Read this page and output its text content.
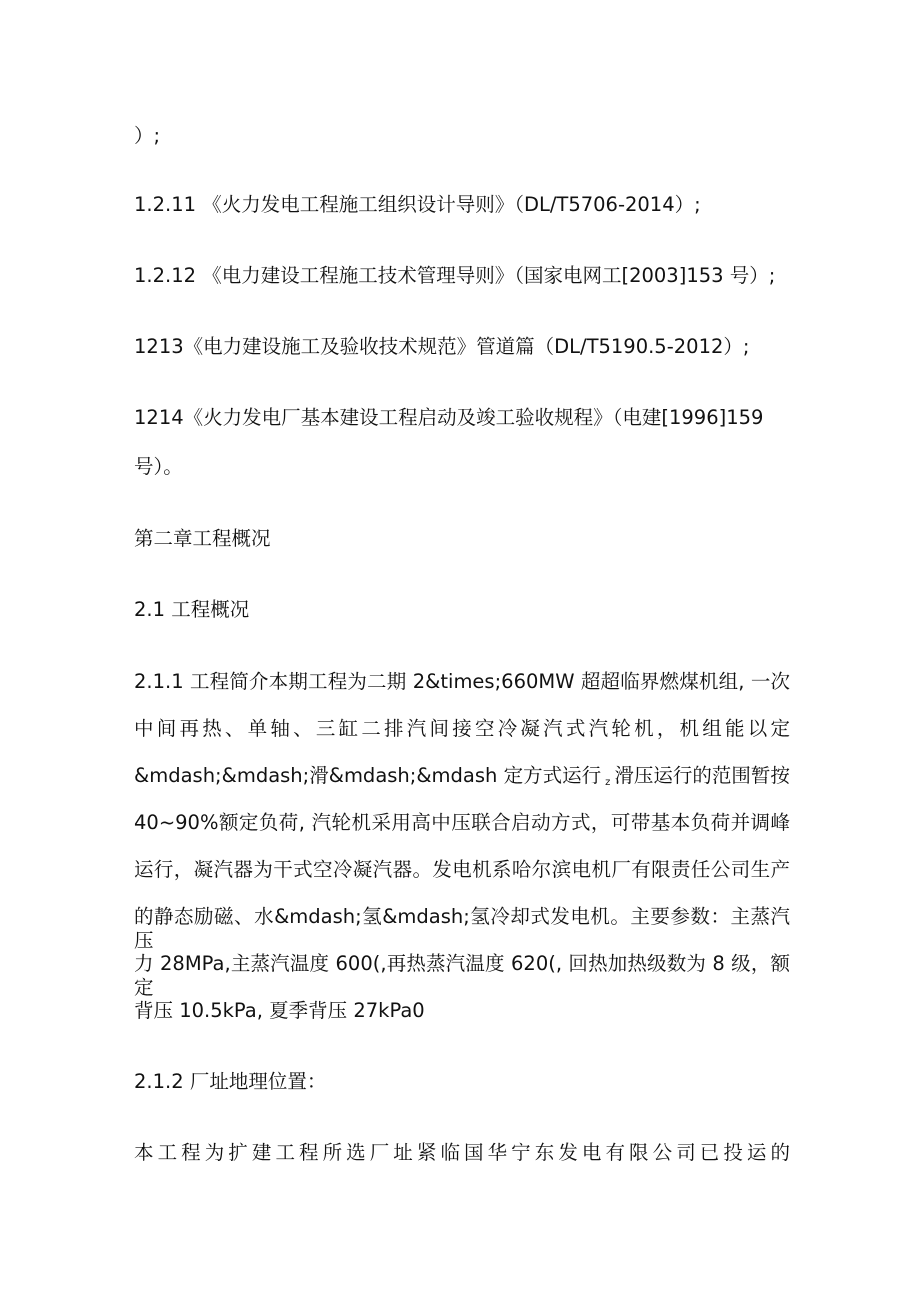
）;
1.2.11 《火力发电工程施工组织设计导则》（DL/T5706-2014）;
1.2.12 《电力建设工程施工技术管理导则》（国家电网工[2003]153 号）;
1213《电力建设施工及验收技术规范》管道篇（DL/T5190.5-2012）;
1214《火力发电厂基本建设工程启动及竣工验收规程》（电建[1996]159
号）。
第二章工程概况
2.1 工程概况
2.1.1 工程简介本期工程为二期 2&times;660MW 超超临界燃煤机组, 一次
中间再热、单轴、三缸二排汽间接空冷凝汽式汽轮机，机组能以定
&mdash;&mdash;滑&mdash;&mdash 定方式运行 $_z$ 滑压运行的范围暂按
40~90%额定负荷, 汽轮机采用高中压联合启动方式，可带基本负荷并调峰
运行，凝汽器为干式空冷凝汽器。发电机系哈尔滨电机厂有限责任公司生产
的静态励磁、水&mdash;氢&mdash;氢冷却式发电机。主要参数：主蒸汽压
力 28MPa,主蒸汽温度 600(,再热蒸汽温度 620(, 回热加热级数为 8 级，额定
背压 10.5kPa, 夏季背压 27kPa0
2.1.2 厂址地理位置：
本工程为扩建工程所选厂址紧临国华宁东发电有限公司已投运的
